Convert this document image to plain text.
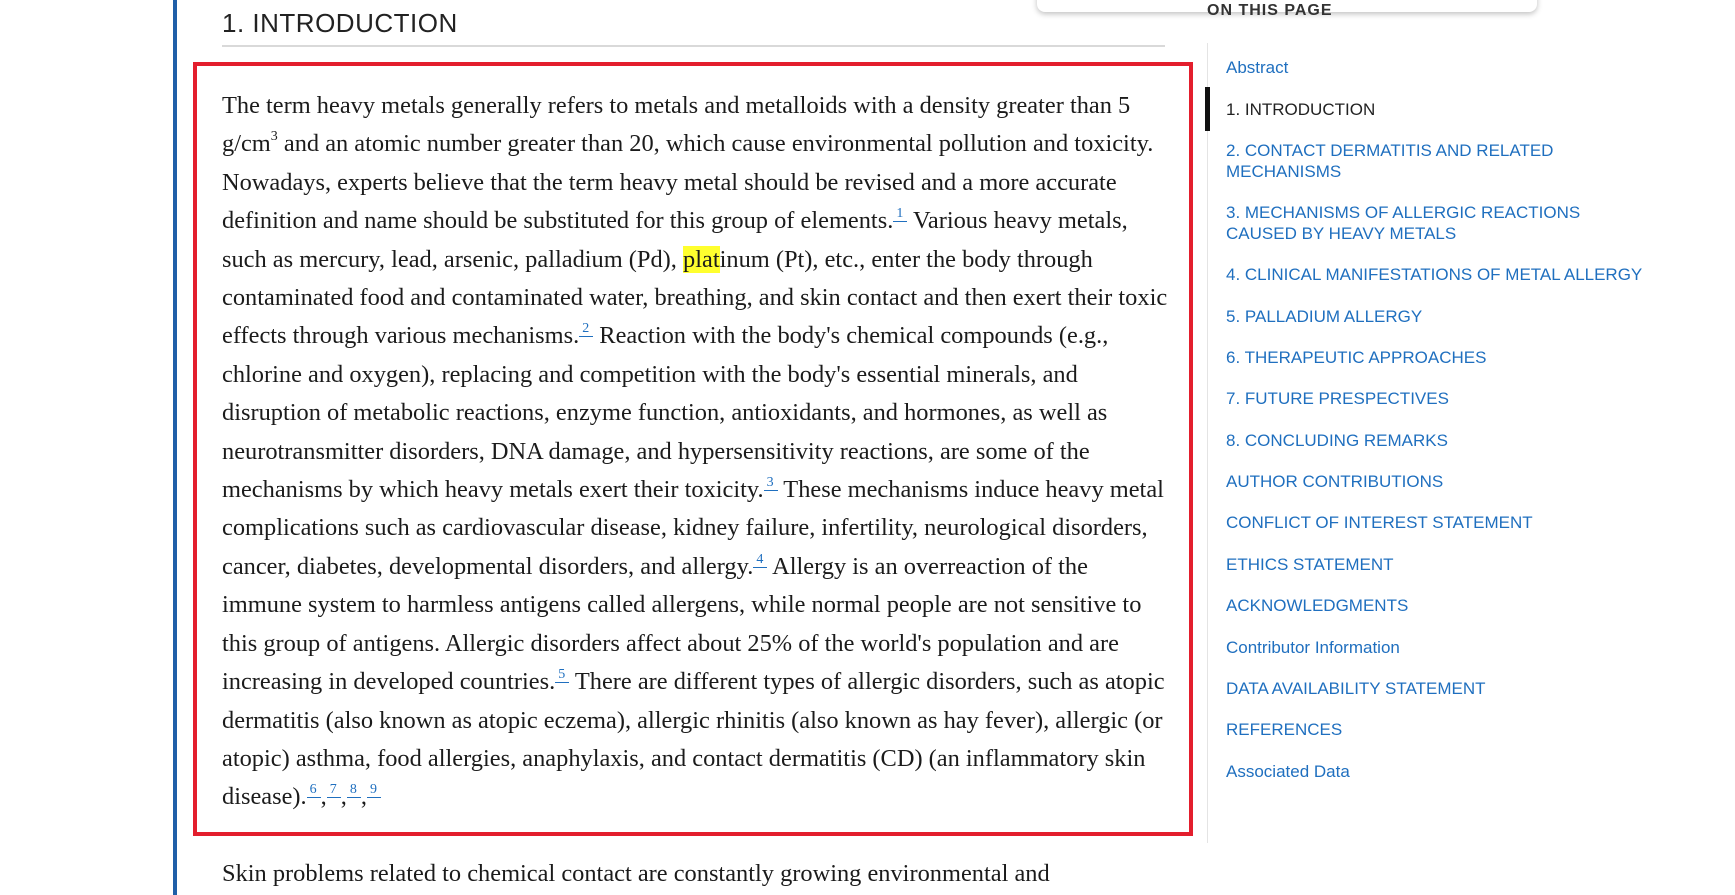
1. INTRODUCTION

The term heavy metals generally refers to metals and metalloids with a density greater than 5 $g/cm^3$ and an atomic number greater than 20, which cause environmental pollution and toxicity. Nowadays, experts believe that the term heavy metal should be revised and a more accurate definition and name should be substituted for this group of elements. $^1$ Various heavy metals, such as mercury, lead, arsenic, palladium (Pd), platinum (Pt), etc., enter the body through contaminated food and contaminated water, breathing, and skin contact and then exert their toxic effects through various mechanisms. $^2$ Reaction with the body's chemical compounds (e.g., chlorine and oxygen), replacing and competition with the body's essential minerals, and disruption of metabolic reactions, enzyme function, antioxidants, and hormones, as well as neurotransmitter disorders, DNA damage, and hypersensitivity reactions, are some of the mechanisms by which heavy metals exert their toxicity. $^3$ These mechanisms induce heavy metal complications such as cardiovascular disease, kidney failure, infertility, neurological disorders, cancer, diabetes, developmental disorders, and allergy. $^4$ Allergy is an overreaction of the immune system to harmless antigens called allergens, while normal people are not sensitive to this group of antigens. Allergic disorders affect about 25% of the world's population and are increasing in developed countries. $^5$ There are different types of allergic disorders, such as atopic dermatitis (also known as atopic eczema), allergic rhinitis (also known as hay fever), allergic (or atopic) asthma, food allergies, anaphylaxis, and contact dermatitis (CD) (an inflammatory skin disease). $^6$ , $^7$ , $^8$ , $^9$

Skin problems related to chemical contact are constantly growing environmental and

ON THIS PAGE
Abstract
1. INTRODUCTION
2. CONTACT DERMATITIS AND RELATED MECHANISMS
3. MECHANISMS OF ALLERGIC REACTIONS CAUSED BY HEAVY METALS
4. CLINICAL MANIFESTATIONS OF METAL ALLERGY
5. PALLADIUM ALLERGY
6. THERAPEUTIC APPROACHES
7. FUTURE PRESPECTIVES
8. CONCLUDING REMARKS
AUTHOR CONTRIBUTIONS
CONFLICT OF INTEREST STATEMENT
ETHICS STATEMENT
ACKNOWLEDGMENTS
Contributor Information
DATA AVAILABILITY STATEMENT
REFERENCES
Associated Data
